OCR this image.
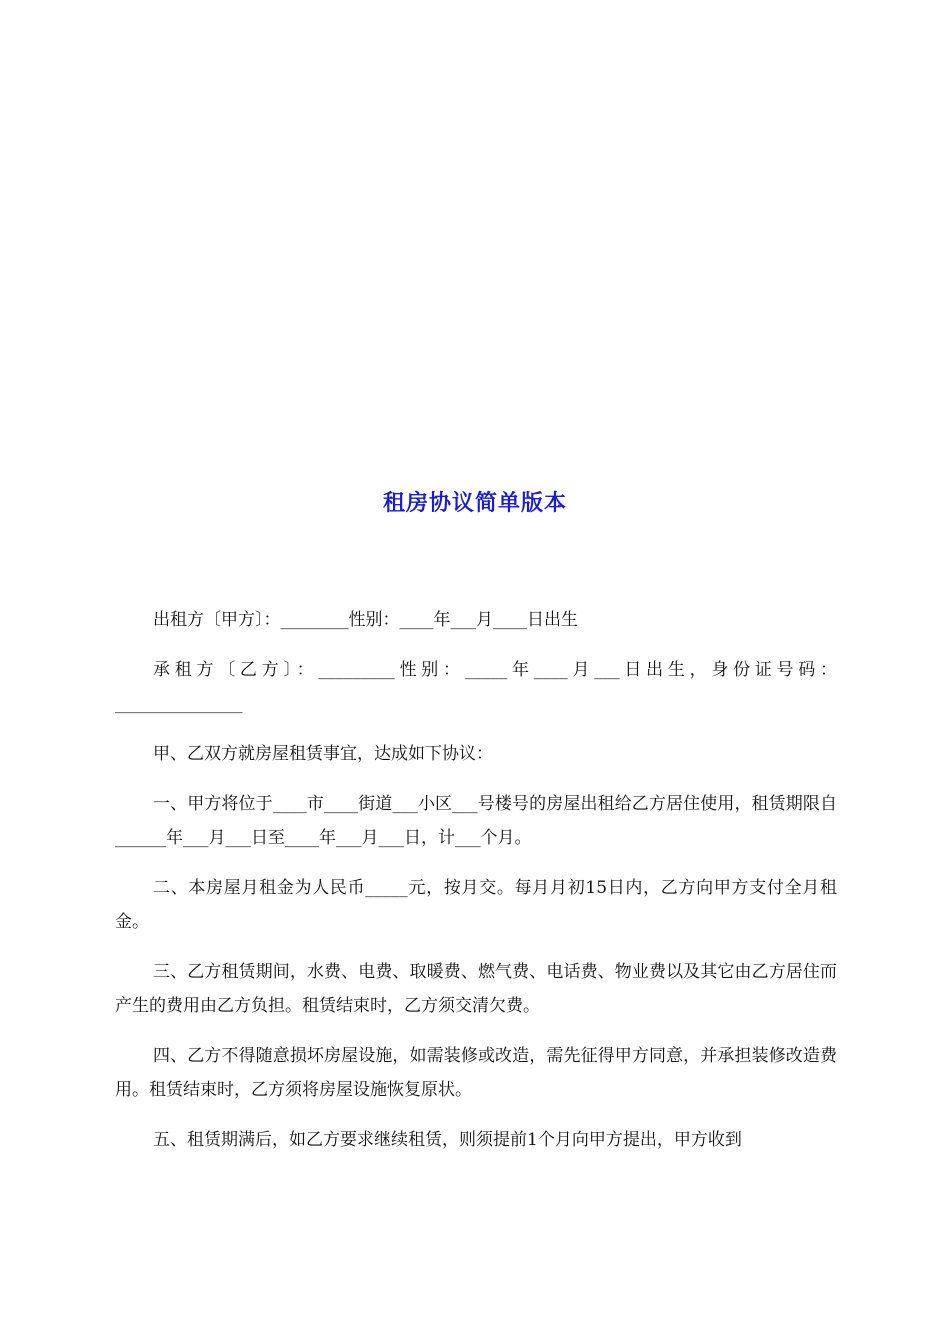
租房协议简单版本

出租方〔甲方〕：________性别：____年___月____日出生

承租方〔乙方〕：_________性别：_____年____月___日出生，身份证号码：_______________

甲、乙双方就房屋租赁事宜，达成如下协议：

一、甲方将位于____市____街道___小区___号楼号的房屋出租给乙方居住使用，租赁期限自______年___月___日至____年___月___日，计___个月。

二、本房屋月租金为人民币_____元，按月交。每月月初15日内，乙方向甲方支付全月租金。

三、乙方租赁期间，水费、电费、取暖费、燃气费、电话费、物业费以及其它由乙方居住而产生的费用由乙方负担。租赁结束时，乙方须交清欠费。

四、乙方不得随意损坏房屋设施，如需装修或改造，需先征得甲方同意，并承担装修改造费用。租赁结束时，乙方须将房屋设施恢复原状。

五、租赁期满后，如乙方要求继续租赁，则须提前1个月向甲方提出，甲方收到
